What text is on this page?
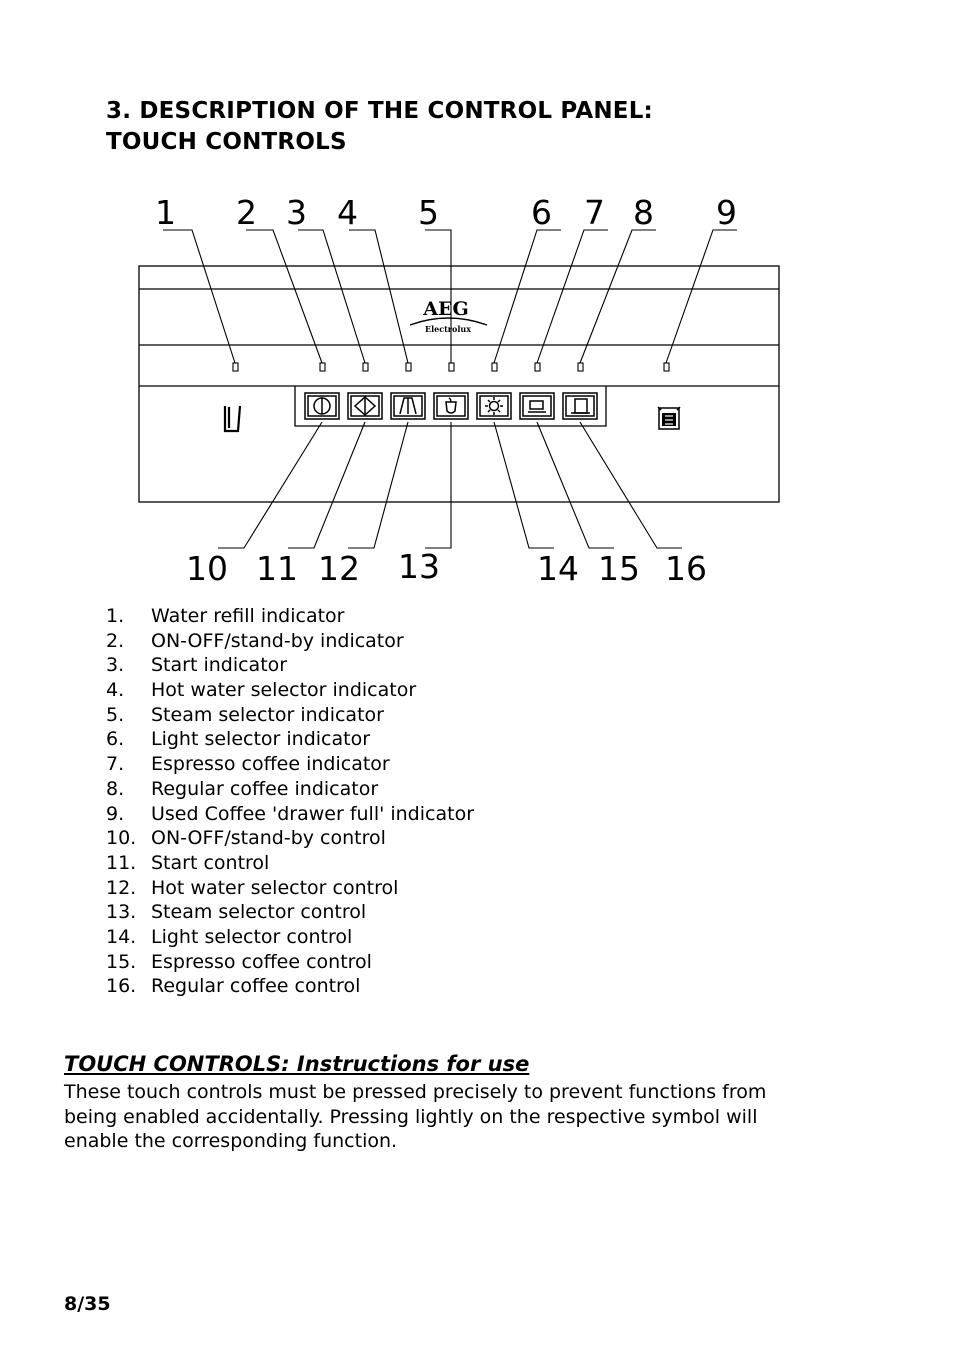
3. DESCRIPTION OF THE CONTROL PANEL:
TOUCH CONTROLS
AEG
Electrolux
1 2 3 4 5	6 7 8 9
10 11 12 13	14 15 16
1. Water refill indicator
2. ON-OFF/stand-by indicator
3. Start indicator
4. Hot water selector indicator
5. Steam selector indicator
6. Light selector indicator
7. Espresso coffee indicator
8. Regular coffee indicator
9. Used Coffee 'drawer full' indicator
10. ON-OFF/stand-by control
11. Start control
12. Hot water selector control
13. Steam selector control
14. Light selector control
15. Espresso coffee control
16. Regular coffee control
TOUCH CONTROLS: Instructions for use
These touch controls must be pressed precisely to prevent functions from being enabled accidentally. Pressing lightly on the respective symbol will enable the corresponding function.
8/35
